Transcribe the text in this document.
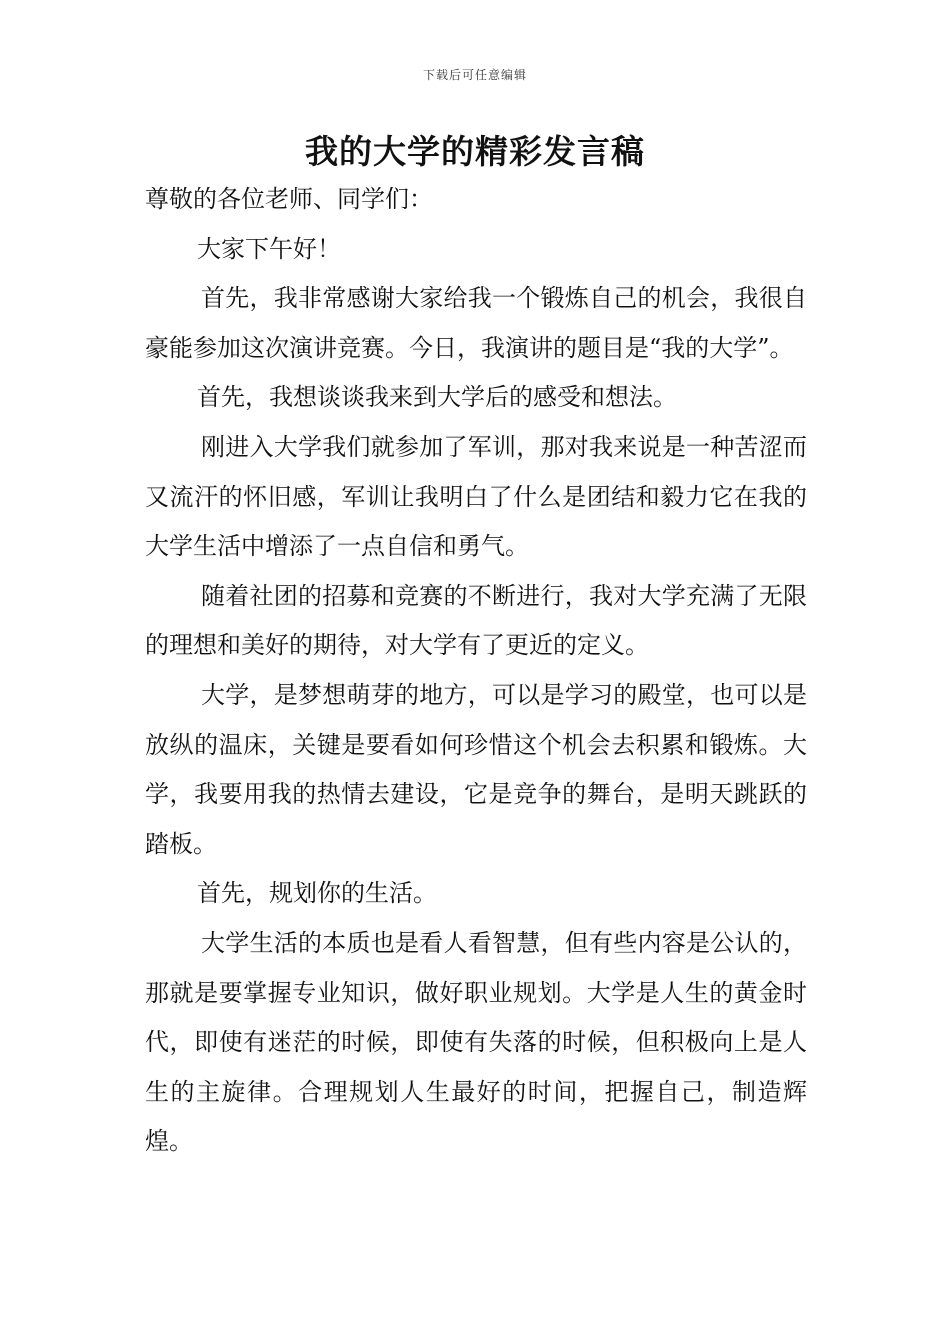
下载后可任意编辑
我的大学的精彩发言稿

尊敬的各位老师、同学们：

大家下午好！

首先，我非常感谢大家给我一个锻炼自己的机会，我很自豪能参加这次演讲竞赛。今日，我演讲的题目是“我的大学”。

首先，我想谈谈我来到大学后的感受和想法。

刚进入大学我们就参加了军训，那对我来说是一种苦涩而又流汗的怀旧感，军训让我明白了什么是团结和毅力它在我的大学生活中增添了一点自信和勇气。

随着社团的招募和竞赛的不断进行，我对大学充满了无限的理想和美好的期待，对大学有了更近的定义。

大学，是梦想萌芽的地方，可以是学习的殿堂，也可以是放纵的温床，关键是要看如何珍惜这个机会去积累和锻炼。大学，我要用我的热情去建设，它是竞争的舞台，是明天跳跃的踏板。

首先，规划你的生活。

大学生活的本质也是看人看智慧，但有些内容是公认的，那就是要掌握专业知识，做好职业规划。大学是人生的黄金时代，即使有迷茫的时候，即使有失落的时候，但积极向上是人生的主旋律。合理规划人生最好的时间，把握自己，制造辉煌。
